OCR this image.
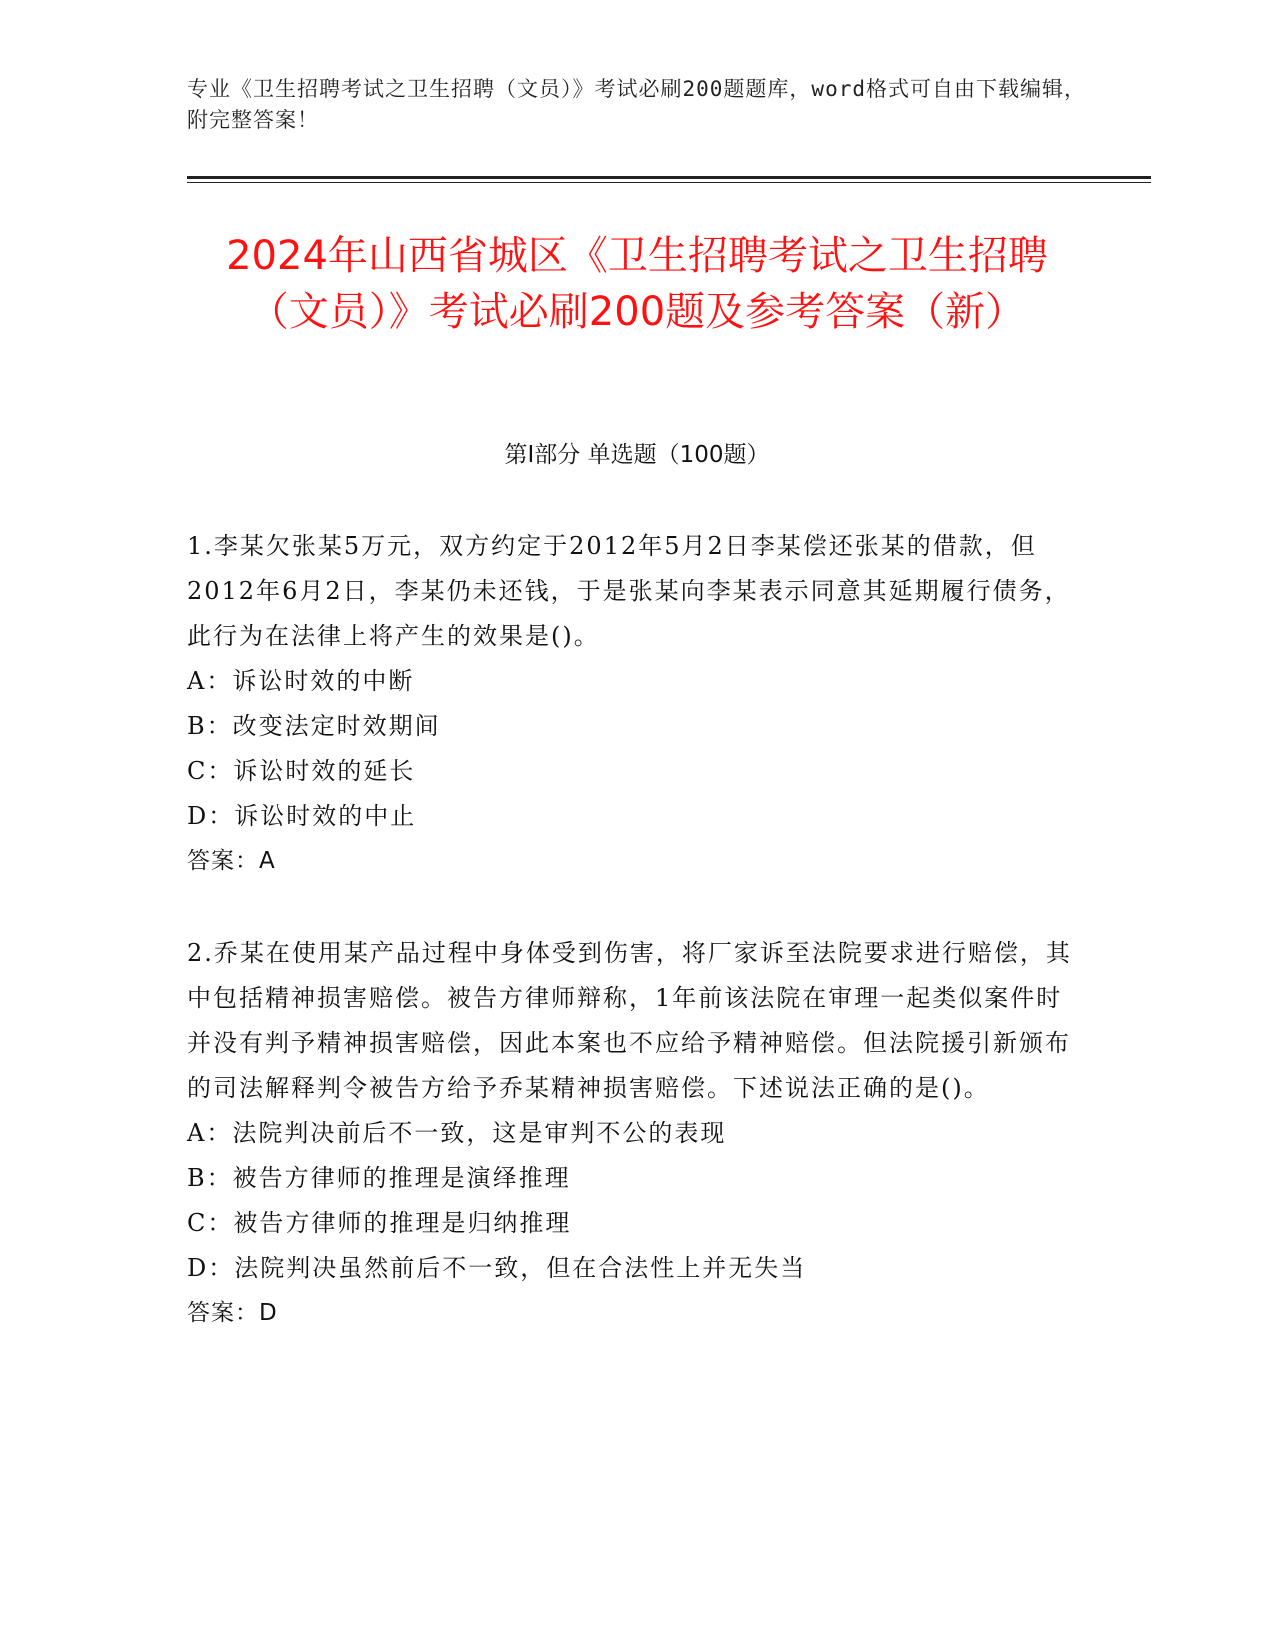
专业《卫生招聘考试之卫生招聘（文员）》考试必刷200题题库，word格式可自由下载编辑，附完整答案！
2024年山西省城区《卫生招聘考试之卫生招聘（文员）》考试必刷200题及参考答案（新）
第Ⅰ部分 单选题（100题）
1.李某欠张某5万元，双方约定于2012年5月2日李某偿还张某的借款，但2012年6月2日，李某仍未还钱，于是张某向李某表示同意其延期履行债务，此行为在法律上将产生的效果是()。
A：诉讼时效的中断
B：改变法定时效期间
C：诉讼时效的延长
D：诉讼时效的中止
答案：A
2.乔某在使用某产品过程中身体受到伤害，将厂家诉至法院要求进行赔偿，其中包括精神损害赔偿。被告方律师辩称，1年前该法院在审理一起类似案件时并没有判予精神损害赔偿，因此本案也不应给予精神赔偿。但法院援引新颁布的司法解释判令被告方给予乔某精神损害赔偿。下述说法正确的是()。
A：法院判决前后不一致，这是审判不公的表现
B：被告方律师的推理是演绎推理
C：被告方律师的推理是归纳推理
D：法院判决虽然前后不一致，但在合法性上并无失当
答案：D
